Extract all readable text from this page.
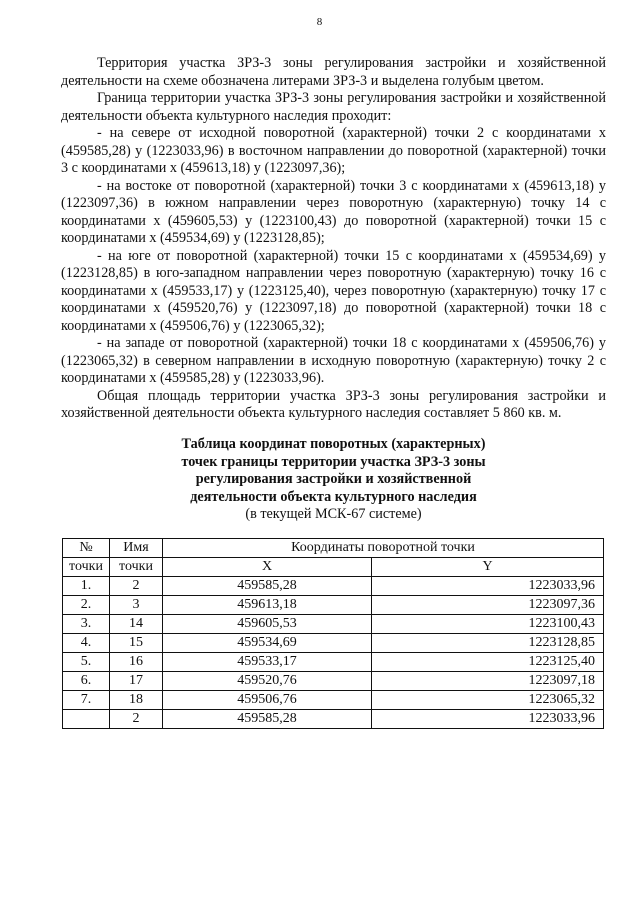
8

Территория участка ЗРЗ-3 зоны регулирования застройки и хозяйственной деятельности на схеме обозначена литерами ЗРЗ-3 и выделена голубым цветом.

Граница территории участка ЗРЗ-3 зоны регулирования застройки и хозяйственной деятельности объекта культурного наследия проходит:

- на севере от исходной поворотной (характерной) точки 2 с координатами х (459585,28) у (1223033,96) в восточном направлении до поворотной (характерной) точки 3 с координатами х (459613,18) у (1223097,36);

- на востоке от поворотной (характерной) точки 3 с координатами х (459613,18) у (1223097,36) в южном направлении через поворотную (характерную) точку 14 с координатами х (459605,53) у (1223100,43) до поворотной (характерной) точки 15 с координатами х (459534,69) у (1223128,85);

- на юге от поворотной (характерной) точки 15 с координатами х (459534,69) у (1223128,85) в юго-западном направлении через поворотную (характерную) точку 16 с координатами х (459533,17) у (1223125,40), через поворотную (характерную) точку 17 с координатами х (459520,76) у (1223097,18) до поворотной (характерной) точки 18 с координатами х (459506,76) у (1223065,32);

- на западе от поворотной (характерной) точки 18 с координатами х (459506,76) у (1223065,32) в северном направлении в исходную поворотную (характерную) точку 2 с координатами х (459585,28) у (1223033,96).

Общая площадь территории участка ЗРЗ-3 зоны регулирования застройки и хозяйственной деятельности объекта культурного наследия составляет 5 860 кв. м.

Таблица координат поворотных (характерных)
точек границы территории участка ЗРЗ-3 зоны
регулирования застройки и хозяйственной
деятельности объекта культурного наследия
(в текущей МСК-67 системе)
№	Имя	Координаты поворотной точки	
точки	точки	X	Y
1.	2	459585,28	1223033,96
2.	3	459613,18	1223097,36
3.	14	459605,53	1223100,43
4.	15	459534,69	1223128,85
5.	16	459533,17	1223125,40
6.	17	459520,76	1223097,18
7.	18	459506,76	1223065,32
	2	459585,28	1223033,96
